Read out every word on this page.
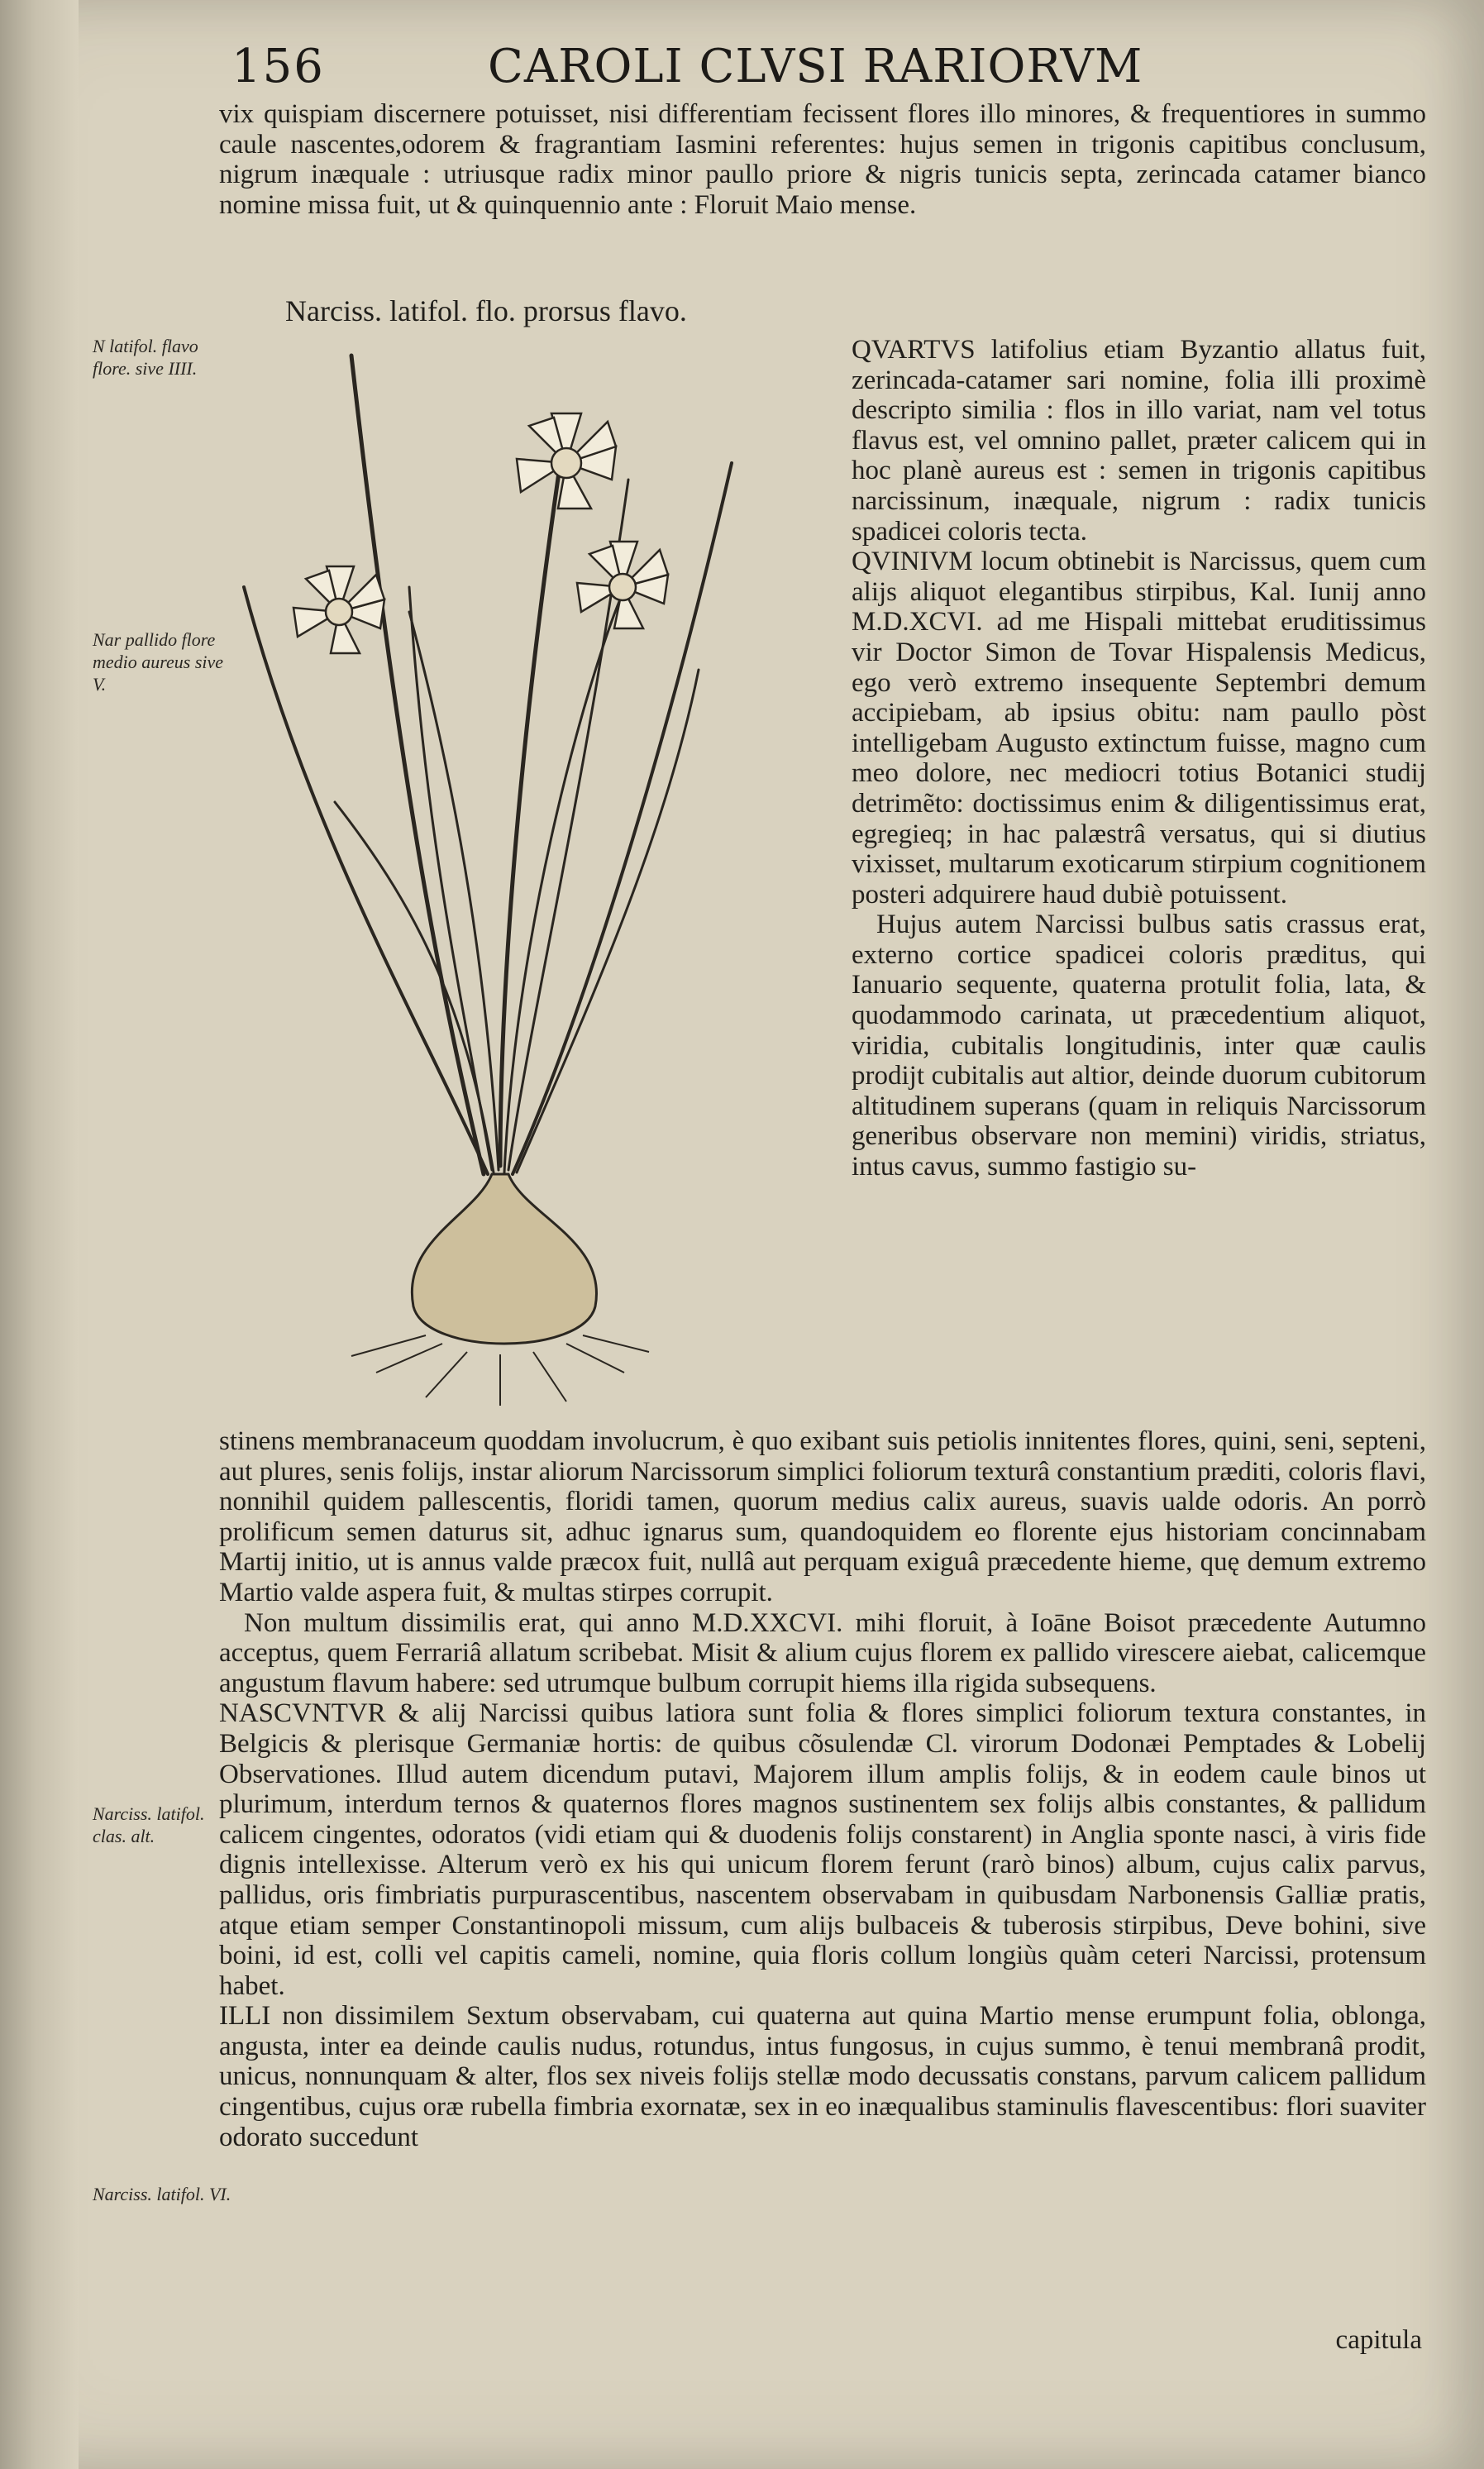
156	CAROLI CLVSI RARIORVM

vix quispiam discernere potuisset, nisi differentiam fecissent flores illo minores, & frequentiores in summo caule nascentes,odorem & fragrantiam Iasmini referentes: hujus semen in trigonis capitibus conclusum, nigrum inæquale : utriusque radix minor paullo priore & nigris tunicis septa, zerincada catamer bianco nomine missa fuit, ut & quinquennio ante : Floruit Maio mense.

Narciss. latifol. flo. prorsus flavo.
N latifol. flavo flore. sive IIII.
Nar pallido flore medio aureus sive V.
Narciss. latifol. clas. alt.
Narciss. latifol. VI.

QVARTVS latifolius etiam Byzantio allatus fuit, zerincada-catamer sari nomine, folia illi proximè descripto similia : flos in illo variat, nam vel totus flavus est, vel omnino pallet, præter calicem qui in hoc planè aureus est : semen in trigonis capitibus narcissinum, inæquale, nigrum : radix tunicis spadicei coloris tecta.

QVINIVM locum obtinebit is Narcissus, quem cum alijs aliquot elegantibus stirpibus, Kal. Iunij anno M.D.XCVI. ad me Hispali mittebat eruditissimus vir Doctor Simon de Tovar Hispalensis Medicus, ego verò extremo insequente Septembri demum accipiebam, ab ipsius obitu: nam paullo pòst intelligebam Augusto extinctum fuisse, magno cum meo dolore, nec mediocri totius Botanici studij detrimẽto: doctissimus enim & diligentissimus erat, egregieq; in hac palæstrâ versatus, qui si diutius vixisset, multarum exoticarum stirpium cognitionem posteri adquirere haud dubiè potuissent.

Hujus autem Narcissi bulbus satis crassus erat, externo cortice spadicei coloris præditus, qui Ianuario sequente, quaterna protulit folia, lata, & quodammodo carinata, ut præcedentium aliquot, viridia, cubitalis longitudinis, inter quæ caulis prodijt cubitalis aut altior, deinde duorum cubitorum altitudinem superans (quam in reliquis Narcissorum generibus observare non memini) viridis, striatus, intus cavus, summo fastigio su-

stinens membranaceum quoddam involucrum, è quo exibant suis petiolis innitentes flores, quini, seni, septeni, aut plures, senis folijs, instar aliorum Narcissorum simplici foliorum texturâ constantium præditi, coloris flavi, nonnihil quidem pallescentis, floridi tamen, quorum medius calix aureus, suavis ualde odoris. An porrò prolificum semen daturus sit, adhuc ignarus sum, quandoquidem eo florente ejus historiam concinnabam Martij initio, ut is annus valde præcox fuit, nullâ aut perquam exiguâ præcedente hieme, quę demum extremo Martio valde aspera fuit, & multas stirpes corrupit.

Non multum dissimilis erat, qui anno M.D.XXCVI. mihi floruit, à Ioāne Boisot præcedente Autumno acceptus, quem Ferrariâ allatum scribebat. Misit & alium cujus florem ex pallido virescere aiebat, calicemque angustum flavum habere: sed utrumque bulbum corrupit hiems illa rigida subsequens.

NASCVNTVR & alij Narcissi quibus latiora sunt folia & flores simplici foliorum textura constantes, in Belgicis & plerisque Germaniæ hortis: de quibus cõsulendæ Cl. virorum Dodonæi Pemptades & Lobelij Observationes. Illud autem dicendum putavi, Majorem illum amplis folijs, & in eodem caule binos ut plurimum, interdum ternos & quaternos flores magnos sustinentem sex folijs albis constantes, & pallidum calicem cingentes, odoratos (vidi etiam qui & duodenis folijs constarent) in Anglia sponte nasci, à viris fide dignis intellexisse. Alterum verò ex his qui unicum florem ferunt (rarò binos) album, cujus calix parvus, pallidus, oris fimbriatis purpurascentibus, nascentem observabam in quibusdam Narbonensis Galliæ pratis, atque etiam semper Constantinopoli missum, cum alijs bulbaceis & tuberosis stirpibus, Deve bohini, sive boini, id est, colli vel capitis cameli, nomine, quia floris collum longiùs quàm ceteri Narcissi, protensum habet.

ILLI non dissimilem Sextum observabam, cui quaterna aut quina Martio mense erumpunt folia, oblonga, angusta, inter ea deinde caulis nudus, rotundus, intus fungosus, in cujus summo, è tenui membranâ prodit, unicus, nonnunquam & alter, flos sex niveis folijs stellæ modo decussatis constans, parvum calicem pallidum cingentibus, cujus oræ rubella fimbria exornatæ, sex in eo inæqualibus staminulis flavescentibus: flori suaviter odorato succedunt

capitula
